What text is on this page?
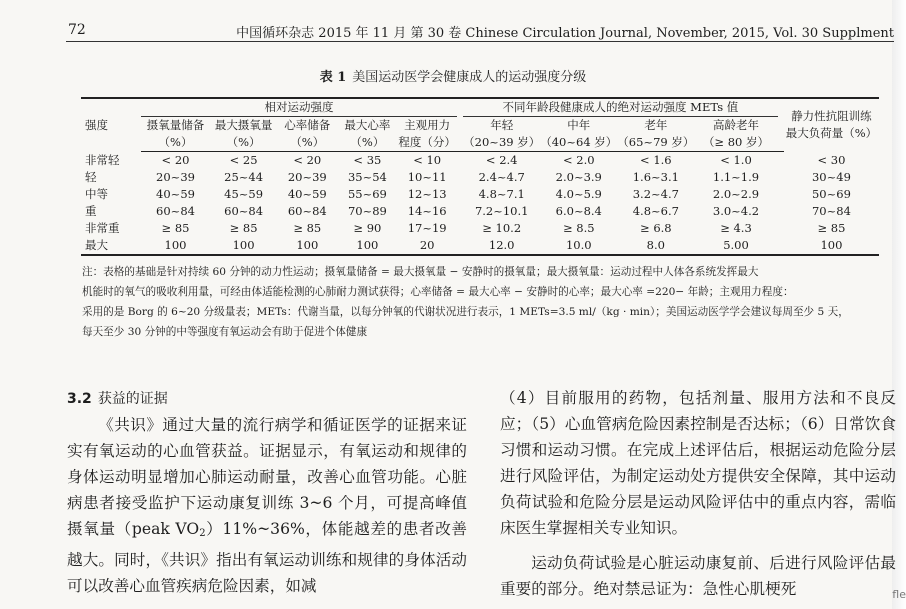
72	中国循环杂志 2015 年 11 月 第 30 卷 Chinese Circulation Journal, November, 2015, Vol. 30 Supplment
表 1 美国运动医学会健康成人的运动强度分级
强度	相对运动强度						不同年龄段健康成人的绝对运动强度 METs 值					静力性抗阻训练
最大负荷量（%）
	摄氧量储备	最大摄氧量	心率储备	最大心率	主观用力		年轻	中年	老年	高龄老年		
	（%）	（%）	（%）	（%）	程度（分）		（20~39 岁）	（40~64 岁）	（65~79 岁）	（≥ 80 岁）		
非常轻	< 20	< 25	< 20	< 35	< 10		< 2.4	< 2.0	< 1.6	< 1.0		< 30
轻	20~39	25~44	20~39	35~54	10~11		2.4~4.7	2.0~3.9	1.6~3.1	1.1~1.9		30~49
中等	40~59	45~59	40~59	55~69	12~13		4.8~7.1	4.0~5.9	3.2~4.7	2.0~2.9		50~69
重	60~84	60~84	60~84	70~89	14~16		7.2~10.1	6.0~8.4	4.8~6.7	3.0~4.2		70~84
非常重	≥ 85	≥ 85	≥ 85	≥ 90	17~19		≥ 10.2	≥ 8.5	≥ 6.8	≥ 4.3		≥ 85
最大	100	100	100	100	20		12.0	10.0	8.0	5.00		100

注：表格的基础是针对持续 60 分钟的动力性运动；摄氧量储备 = 最大摄氧量 − 安静时的摄氧量；最大摄氧量：运动过程中人体各系统发挥最大

机能时的氧气的吸收利用量，可经由体适能检测的心肺耐力测试获得；心率储备 = 最大心率 − 安静时的心率；最大心率 =220− 年龄；主观用力程度：

采用的是 Borg 的 6~20 分级量表；METs：代谢当量，以每分钟氧的代谢状况进行表示，1 METs=3.5 ml/（kg · min）；美国运动医学学会建议每周至少 5 天，

每天至少 30 分钟的中等强度有氧运动会有助于促进个体健康

3.2 获益的证据

《共识》通过大量的流行病学和循证医学的证据来证实有氧运动的心血管获益。证据显示，有氧运动和规律的身体运动明显增加心肺运动耐量，改善心血管功能。心脏病患者接受监护下运动康复训练 3~6 个月，可提高峰值摄氧量（peak $VO_2)11\%\sim 36\%$，体能越差的患者改善越大。同时，《共识》指出有氧运动训练和规律的身体活动可以改善心血管疾病危险因素，如减

（4）目前服用的药物，包括剂量、服用方法和不良反应；（5）心血管病危险因素控制是否达标；（6）日常饮食习惯和运动习惯。在完成上述评估后，根据运动危险分层进行风险评估，为制定运动处方提供安全保障，其中运动负荷试验和危险分层是运动风险评估中的重点内容，需临床医生掌握相关专业知识。

运动负荷试验是心脏运动康复前、后进行风险评估最重要的部分。绝对禁忌证为：急性心肌梗死	fle
